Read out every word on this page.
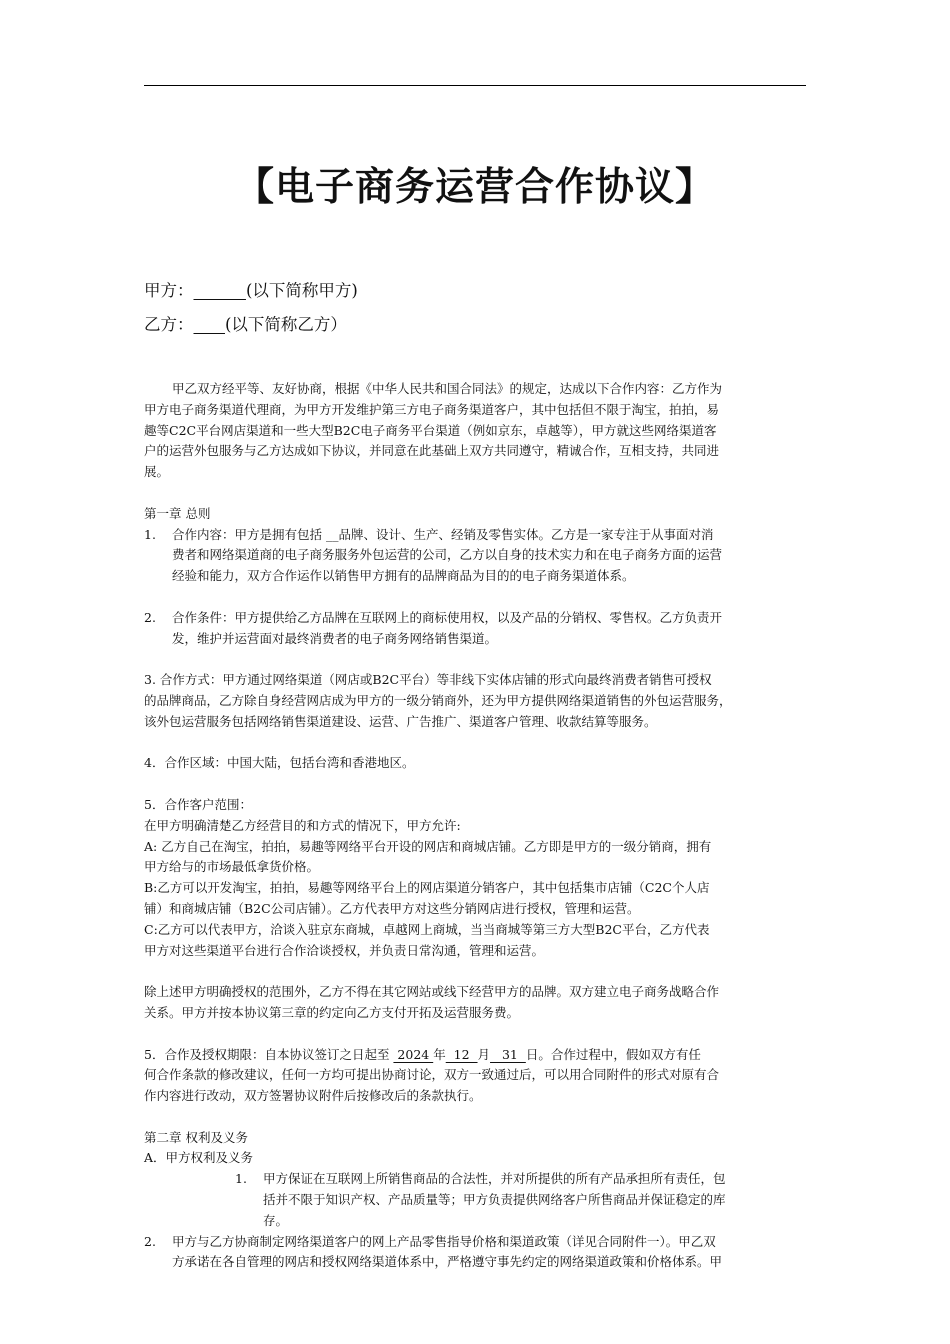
【电子商务运营合作协议】
甲方：	(以下简称甲方)
乙方： (以下简称乙方）
甲乙双方经平等、友好协商，根据《中华人民共和国合同法》的规定，达成以下合作内容：乙方作为
甲方电子商务渠道代理商，为甲方开发维护第三方电子商务渠道客户，其中包括但不限于淘宝，拍拍，易
趣等C2C平台网店渠道和一些大型B2C电子商务平台渠道（例如京东，卓越等），甲方就这些网络渠道客
户的运营外包服务与乙方达成如下协议，并同意在此基础上双方共同遵守，精诚合作，互相支持，共同进
展。
第一章 总则
1. 合作内容：甲方是拥有包括 __品牌、设计、生产、经销及零售实体。乙方是一家专注于从事面对消
费者和网络渠道商的电子商务服务外包运营的公司，乙方以自身的技术实力和在电子商务方面的运营
经验和能力，双方合作运作以销售甲方拥有的品牌商品为目的的电子商务渠道体系。
2. 合作条件：甲方提供给乙方品牌在互联网上的商标使用权，以及产品的分销权、零售权。乙方负责开
发，维护并运营面对最终消费者的电子商务网络销售渠道。
3. 合作方式：甲方通过网络渠道（网店或B2C平台）等非线下实体店铺的形式向最终消费者销售可授权
的品牌商品，乙方除自身经营网店成为甲方的一级分销商外，还为甲方提供网络渠道销售的外包运营服务，
该外包运营服务包括网络销售渠道建设、运营、广告推广、渠道客户管理、收款结算等服务。
4．合作区域：中国大陆，包括台湾和香港地区。
5．合作客户范围：
在甲方明确清楚乙方经营目的和方式的情况下，甲方允许:
A: 乙方自己在淘宝，拍拍，易趣等网络平台开设的网店和商城店铺。乙方即是甲方的一级分销商，拥有
甲方给与的市场最低拿货价格。
B:乙方可以开发淘宝，拍拍，易趣等网络平台上的网店渠道分销客户，其中包括集市店铺（C2C个人店
铺）和商城店铺（B2C公司店铺）。乙方代表甲方对这些分销网店进行授权，管理和运营。
C:乙方可以代表甲方，洽谈入驻京东商城，卓越网上商城，当当商城等第三方大型B2C平台，乙方代表
甲方对这些渠道平台进行合作洽谈授权，并负责日常沟通，管理和运营。
除上述甲方明确授权的范围外，乙方不得在其它网站或线下经营甲方的品牌。双方建立电子商务战略合作
关系。甲方并按本协议第三章的约定向乙方支付开拓及运营服务费。
5．合作及授权期限：自本协议签订之日起至  2024 年  12  月   31  日。合作过程中，假如双方有任
何合作条款的修改建议，任何一方均可提出协商讨论，双方一致通过后，可以用合同附件的形式对原有合
作内容进行改动，双方签署协议附件后按修改后的条款执行。
第二章 权利及义务
A．甲方权利及义务
1. 甲方保证在互联网上所销售商品的合法性，并对所提供的所有产品承担所有责任，包
括并不限于知识产权、产品质量等；甲方负责提供网络客户所售商品并保证稳定的库
存。
2. 甲方与乙方协商制定网络渠道客户的网上产品零售指导价格和渠道政策（详见合同附件一）。甲乙双
方承诺在各自管理的网店和授权网络渠道体系中，严格遵守事先约定的网络渠道政策和价格体系。甲
